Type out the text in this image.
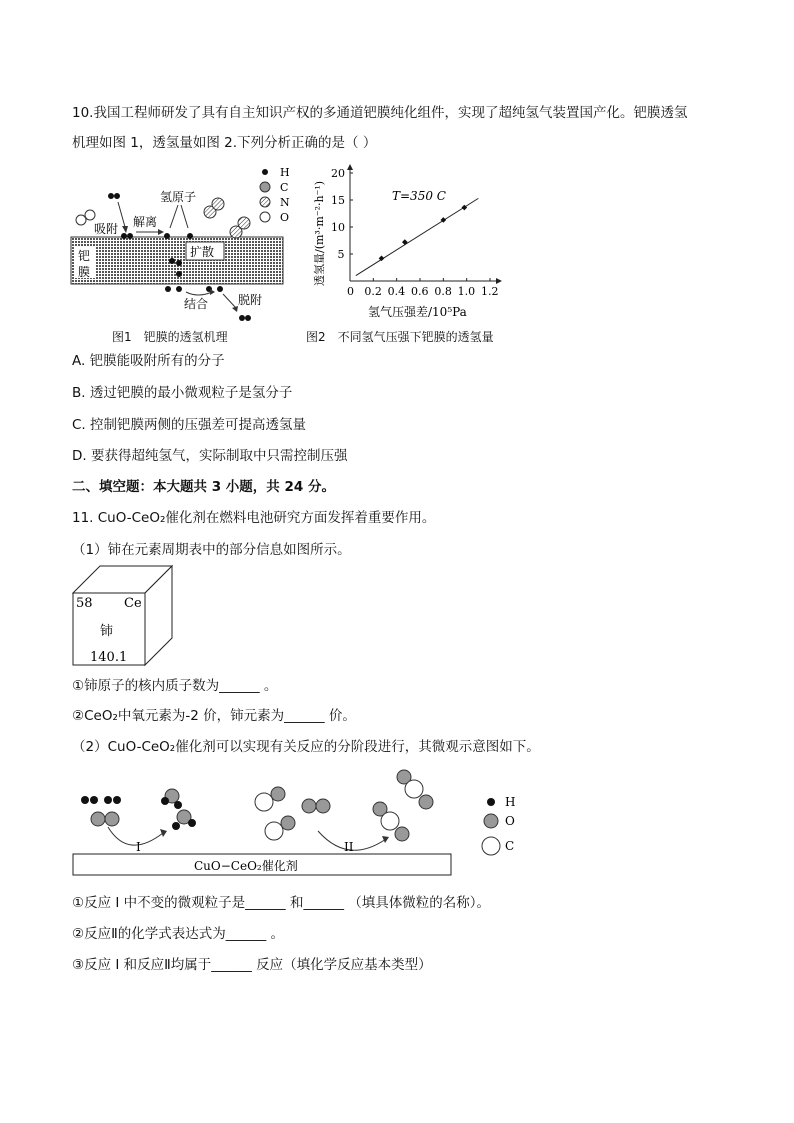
10.我国工程师研发了具有自主知识产权的多通道钯膜纯化组件，实现了超纯氢气装置国产化。钯膜透氢
机理如图 1，透氢量如图 2.下列分析正确的是（ ）
钯
膜
扩散
H
C
N
O
吸附 解离
氢原子
结合 脱附
0 0.2 0.4 0.6 0.8 1.0 1.2
5
10
15
20
T=350 C
氢气压强差/10⁵Pa
透氢量/(m³·m⁻²·h⁻¹)
图1　钯膜的透氢机理	图2　不同氢气压强下钯膜的透氢量
A. 钯膜能吸附所有的分子
B. 透过钯膜的最小微观粒子是氢分子
C. 控制钯膜两侧的压强差可提高透氢量
D. 要获得超纯氢气，实际制取中只需控制压强
二、填空题：本大题共 3 小题，共 24 分。
11. CuO-CeO₂催化剂在燃料电池研究方面发挥着重要作用。
（1）铈在元素周期表中的部分信息如图所示。
58 Ce
铈
140.1
①铈原子的核内质子数为______ 。
②CeO₂中氧元素为-2 价，铈元素为______ 价。
（2）CuO-CeO₂催化剂可以实现有关反应的分阶段进行，其微观示意图如下。
CuO−CeO₂催化剂
I	II
H
O
C
①反应 I 中不变的微观粒子是______ 和______ （填具体微粒的名称）。
②反应Ⅱ的化学式表达式为______ 。
③反应 I 和反应Ⅱ均属于______ 反应（填化学反应基本类型）
